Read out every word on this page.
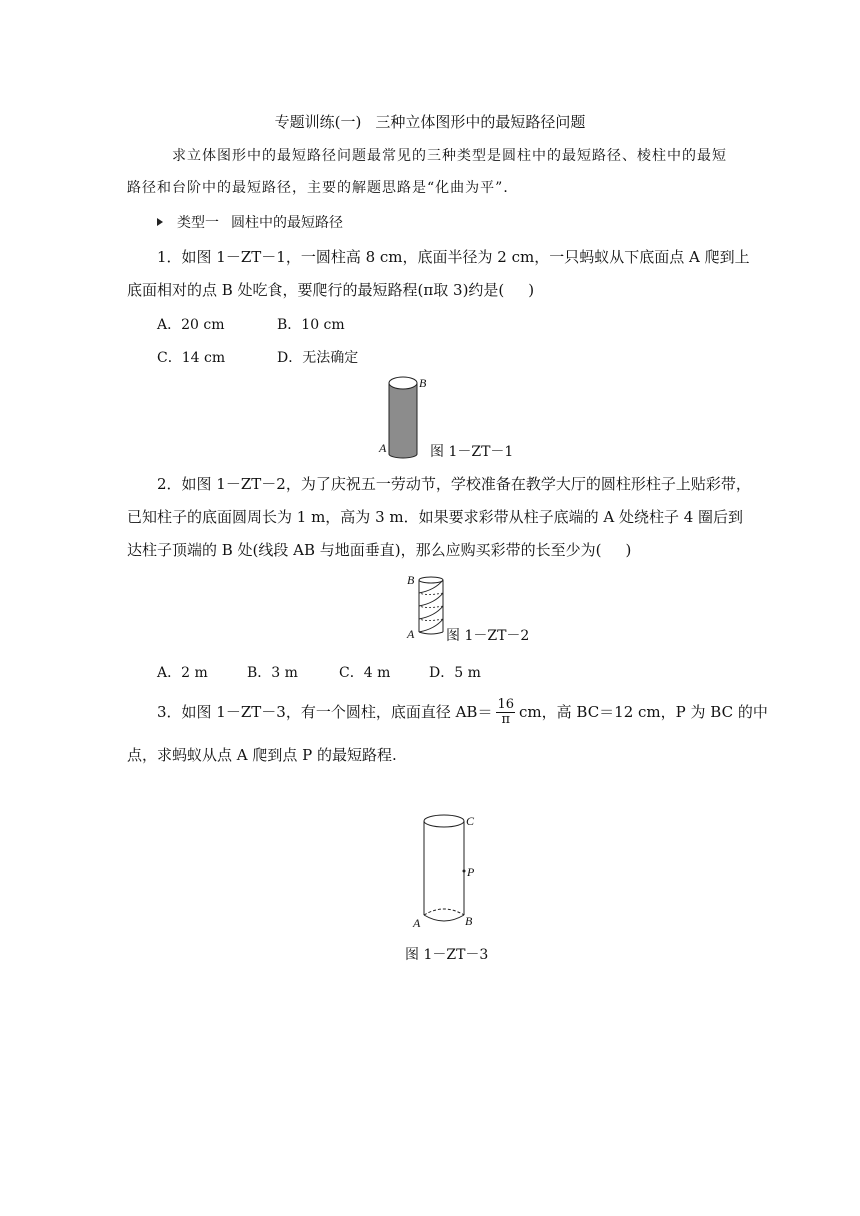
专题训练(一) 三种立体图形中的最短路径问题
求立体图形中的最短路径问题最常见的三种类型是圆柱中的最短路径、棱柱中的最短
路径和台阶中的最短路径，主要的解题思路是“化曲为平”．
类型一 圆柱中的最短路径
1．如图 1－ZT－1，一圆柱高 8 cm，底面半径为 2 cm，一只蚂蚁从下底面点 A 爬到上
底面相对的点 B 处吃食，要爬行的最短路程(π取 3)约是( )
A．20 cm	B．10 cm
C．14 cm	D．无法确定
B
A	图 1－ZT－1
2．如图 1－ZT－2，为了庆祝五一劳动节，学校准备在教学大厅的圆柱形柱子上贴彩带，
已知柱子的底面圆周长为 1 m，高为 3 m．如果要求彩带从柱子底端的 A 处绕柱子 4 圈后到
达柱子顶端的 B 处(线段 AB 与地面垂直)，那么应购买彩带的长至少为( )
B
A 图 1－ZT－2
A．2 m	B．3 m	C．4 m	D．5 m
3．如图 1－ZT－3，有一个圆柱，底面直径 $AB= \frac{16}{\pi}$ cm，高 BC＝12 cm，P 为 BC 的中
点，求蚂蚁从点 A 爬到点 P 的最短路程.
C
P
A	B
图 1－ZT－3
